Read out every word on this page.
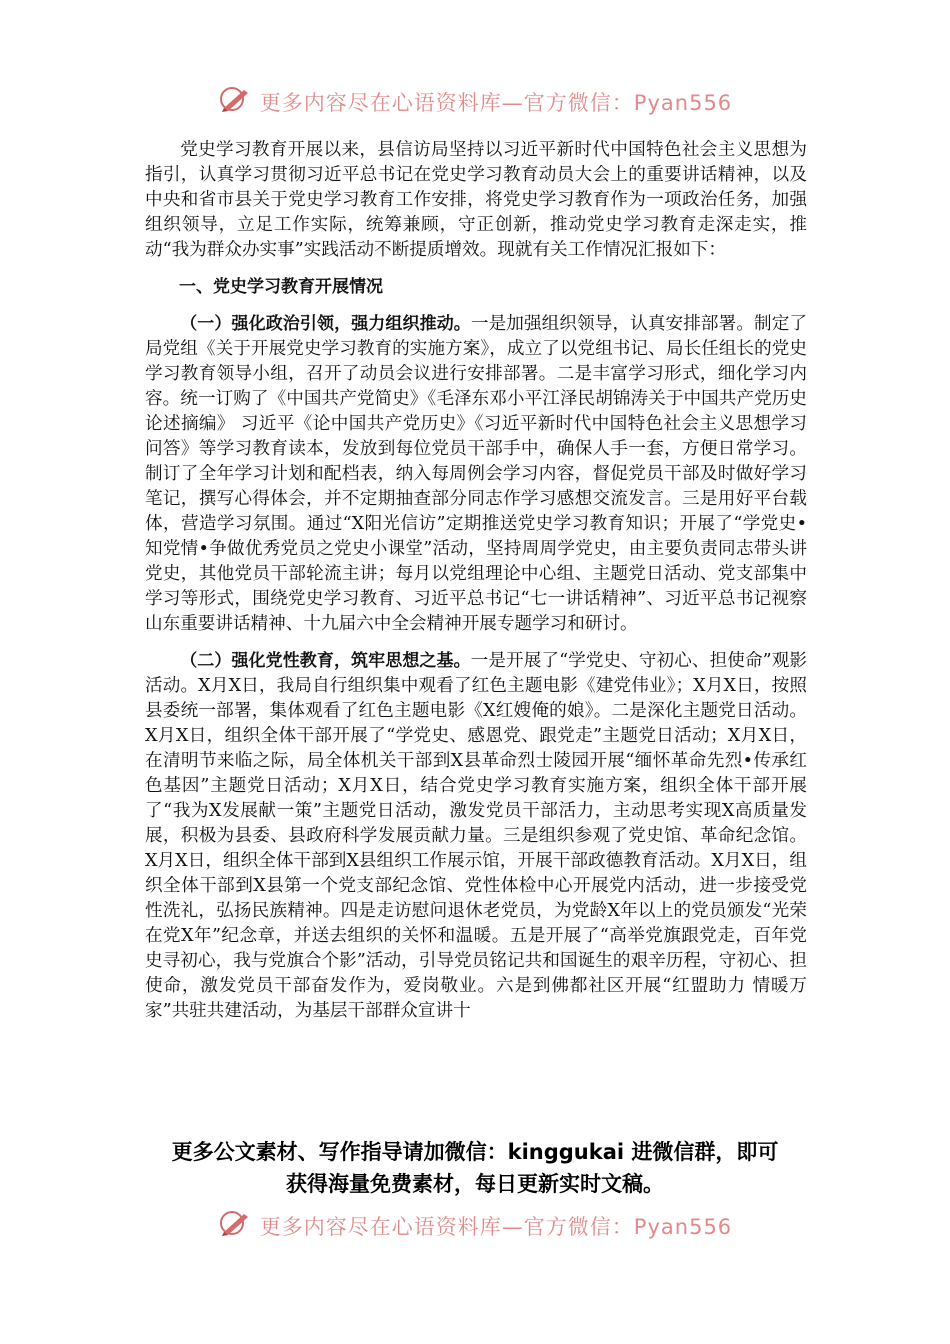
更多内容尽在心语资料库—官方微信：Pyan556

党史学习教育开展以来，县信访局坚持以习近平新时代中国特色社会主义思想为指引，认真学习贯彻习近平总书记在党史学习教育动员大会上的重要讲话精神，以及中央和省市县关于党史学习教育工作安排，将党史学习教育作为一项政治任务，加强组织领导，立足工作实际，统筹兼顾，守正创新，推动党史学习教育走深走实，推动“我为群众办实事”实践活动不断提质增效。现就有关工作情况汇报如下：

一、党史学习教育开展情况

（一）强化政治引领，强力组织推动。一是加强组织领导，认真安排部署。制定了局党组《关于开展党史学习教育的实施方案》，成立了以党组书记、局长任组长的党史学习教育领导小组，召开了动员会议进行安排部署。二是丰富学习形式，细化学习内容。统一订购了《中国共产党简史》《毛泽东邓小平江泽民胡锦涛关于中国共产党历史论述摘编》 习近平《论中国共产党历史》《习近平新时代中国特色社会主义思想学习问答》等学习教育读本，发放到每位党员干部手中，确保人手一套，方便日常学习。制订了全年学习计划和配档表，纳入每周例会学习内容，督促党员干部及时做好学习笔记，撰写心得体会，并不定期抽查部分同志作学习感想交流发言。三是用好平台载体，营造学习氛围。通过“X阳光信访”定期推送党史学习教育知识；开展了“学党史•知党情•争做优秀党员之党史小课堂”活动，坚持周周学党史，由主要负责同志带头讲党史，其他党员干部轮流主讲；每月以党组理论中心组、主题党日活动、党支部集中学习等形式，围绕党史学习教育、习近平总书记“七一讲话精神”、习近平总书记视察山东重要讲话精神、十九届六中全会精神开展专题学习和研讨。

（二）强化党性教育，筑牢思想之基。一是开展了“学党史、守初心、担使命”观影活动。X月X日，我局自行组织集中观看了红色主题电影《建党伟业》；X月X日，按照县委统一部署，集体观看了红色主题电影《X红嫂俺的娘》。二是深化主题党日活动。X月X日，组织全体干部开展了“学党史、感恩党、跟党走”主题党日活动；X月X日，在清明节来临之际，局全体机关干部到X县革命烈士陵园开展“缅怀革命先烈•传承红色基因”主题党日活动；X月X日，结合党史学习教育实施方案，组织全体干部开展了“我为X发展献一策”主题党日活动，激发党员干部活力，主动思考实现X高质量发展，积极为县委、县政府科学发展贡献力量。三是组织参观了党史馆、革命纪念馆。X月X日，组织全体干部到X县组织工作展示馆，开展干部政德教育活动。X月X日，组织全体干部到X县第一个党支部纪念馆、党性体检中心开展党内活动，进一步接受党性洗礼，弘扬民族精神。四是走访慰问退休老党员，为党龄X年以上的党员颁发“光荣在党X年”纪念章，并送去组织的关怀和温暖。五是开展了“高举党旗跟党走，百年党史寻初心，我与党旗合个影”活动，引导党员铭记共和国诞生的艰辛历程，守初心、担使命，激发党员干部奋发作为，爱岗敬业。六是到佛都社区开展“红盟助力 情暖万家”共驻共建活动，为基层干部群众宣讲十

更多公文素材、写作指导请加微信：kinggukai 进微信群，即可
获得海量免费素材，每日更新实时文稿。
更多内容尽在心语资料库—官方微信：Pyan556
